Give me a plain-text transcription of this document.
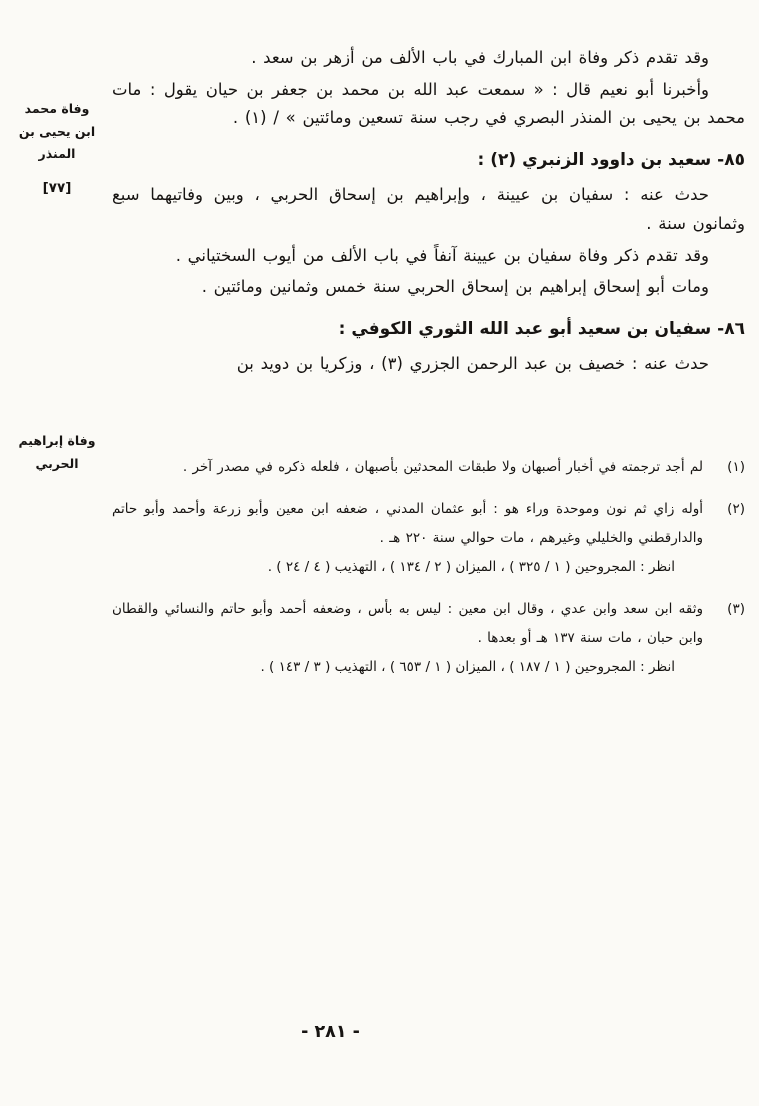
وفاة محمد
ابن يحيى بن
المنذر
[٧٧]
وفاة إبراهيم
الحربي

وقد تقدم ذكر وفاة ابن المبارك في باب الألف من أزهر بن سعد .

وأخبرنا أبو نعيم قال : « سمعت عبد الله بن محمد بن جعفر بن حيان يقول : مات محمد بن يحيى بن المنذر البصري في رجب سنة تسعين ومائتين » / (١) .

٨٥- سعيد بن داوود الزنبري (٢) :

حدث عنه : سفيان بن عيينة ، وإبراهيم بن إسحاق الحربي ، وبين وفاتيهما سبع وثمانون سنة .

وقد تقدم ذكر وفاة سفيان بن عيينة آنفاً في باب الألف من أيوب السختياني .

ومات أبو إسحاق إبراهيم بن إسحاق الحربي سنة خمس وثمانين ومائتين .

٨٦- سفيان بن سعيد أبو عبد الله الثوري الكوفي :

حدث عنه : خصيف بن عبد الرحمن الجزري (٣) ، وزكريا بن دويد بن

(١)

لم أجد ترجمته في أخبار أصبهان ولا طبقات المحدثين بأصبهان ، فلعله ذكره في مصدر آخر .

(٢)

أوله زاي ثم نون وموحدة وراء هو : أبو عثمان المدني ، ضعفه ابن معين وأبو زرعة وأحمد وأبو حاتم والدارقطني والخليلي وغيرهم ، مات حوالي سنة ٢٢٠ هـ .

انظر : المجروحين ( ١ / ٣٢٥ ) ، الميزان ( ٢ / ١٣٤ ) ، التهذيب ( ٤ / ٢٤ ) .

(٣)

وثقه ابن سعد وابن عدي ، وقال ابن معين : ليس به بأس ، وضعفه أحمد وأبو حاتم والنسائي والقطان وابن حبان ، مات سنة ١٣٧ هـ أو بعدها .

انظر : المجروحين ( ١ / ١٨٧ ) ، الميزان ( ١ / ٦٥٣ ) ، التهذيب ( ٣ / ١٤٣ ) .

- ٢٨١ -
